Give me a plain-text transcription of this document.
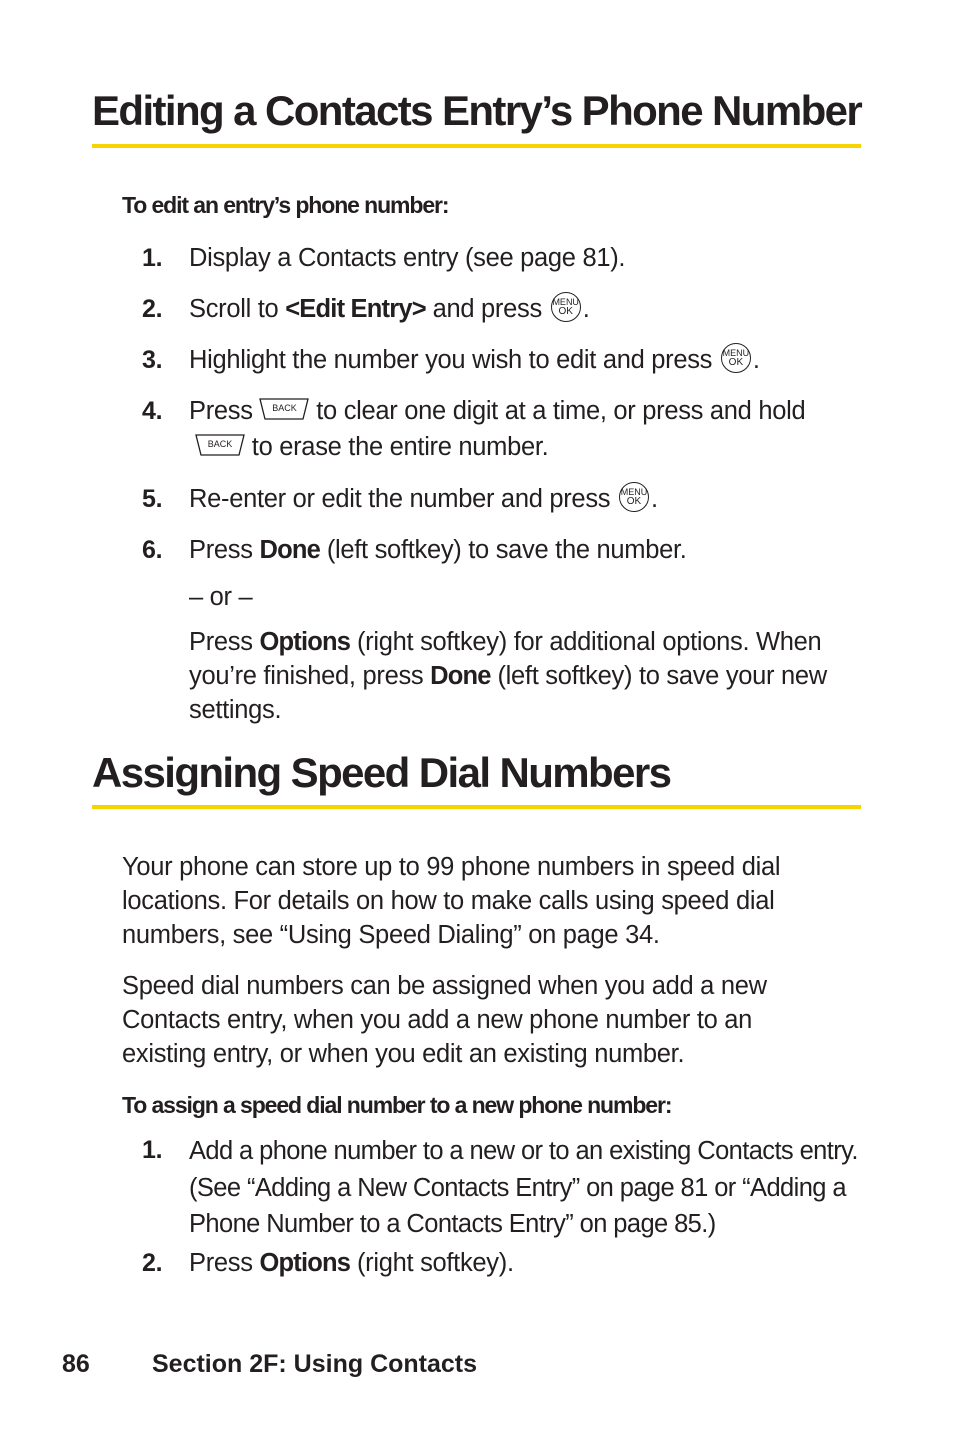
Editing a Contacts Entry’s Phone Number
To edit an entry’s phone number:
1. Display a Contacts entry (see page 81).
2. Scroll to <Edit Entry> and press MENU
OK .
3. Highlight the number you wish to edit and press MENU
OK .
4. Press	BACK to clear one digit at a time, or press and hold
BACK to erase the entire number.
5. Re-enter or edit the number and press MENU
OK .
6. Press Done (left softkey) to save the number.
– or –
Press Options (right softkey) for additional options. When you’re finished, press Done (left softkey) to save your new settings.
Assigning Speed Dial Numbers
Your phone can store up to 99 phone numbers in speed dial locations. For details on how to make calls using speed dial numbers, see “Using Speed Dialing” on page 34.
Speed dial numbers can be assigned when you add a new Contacts entry, when you add a new phone number to an existing entry, or when you edit an existing number.
To assign a speed dial number to a new phone number:
1. Add a phone number to a new or to an existing Contacts entry. (See “Adding a New Contacts Entry” on page 81 or “Adding a Phone Number to a Contacts Entry” on page 85.)
2. Press Options (right softkey).
86 Section 2F: Using Contacts
